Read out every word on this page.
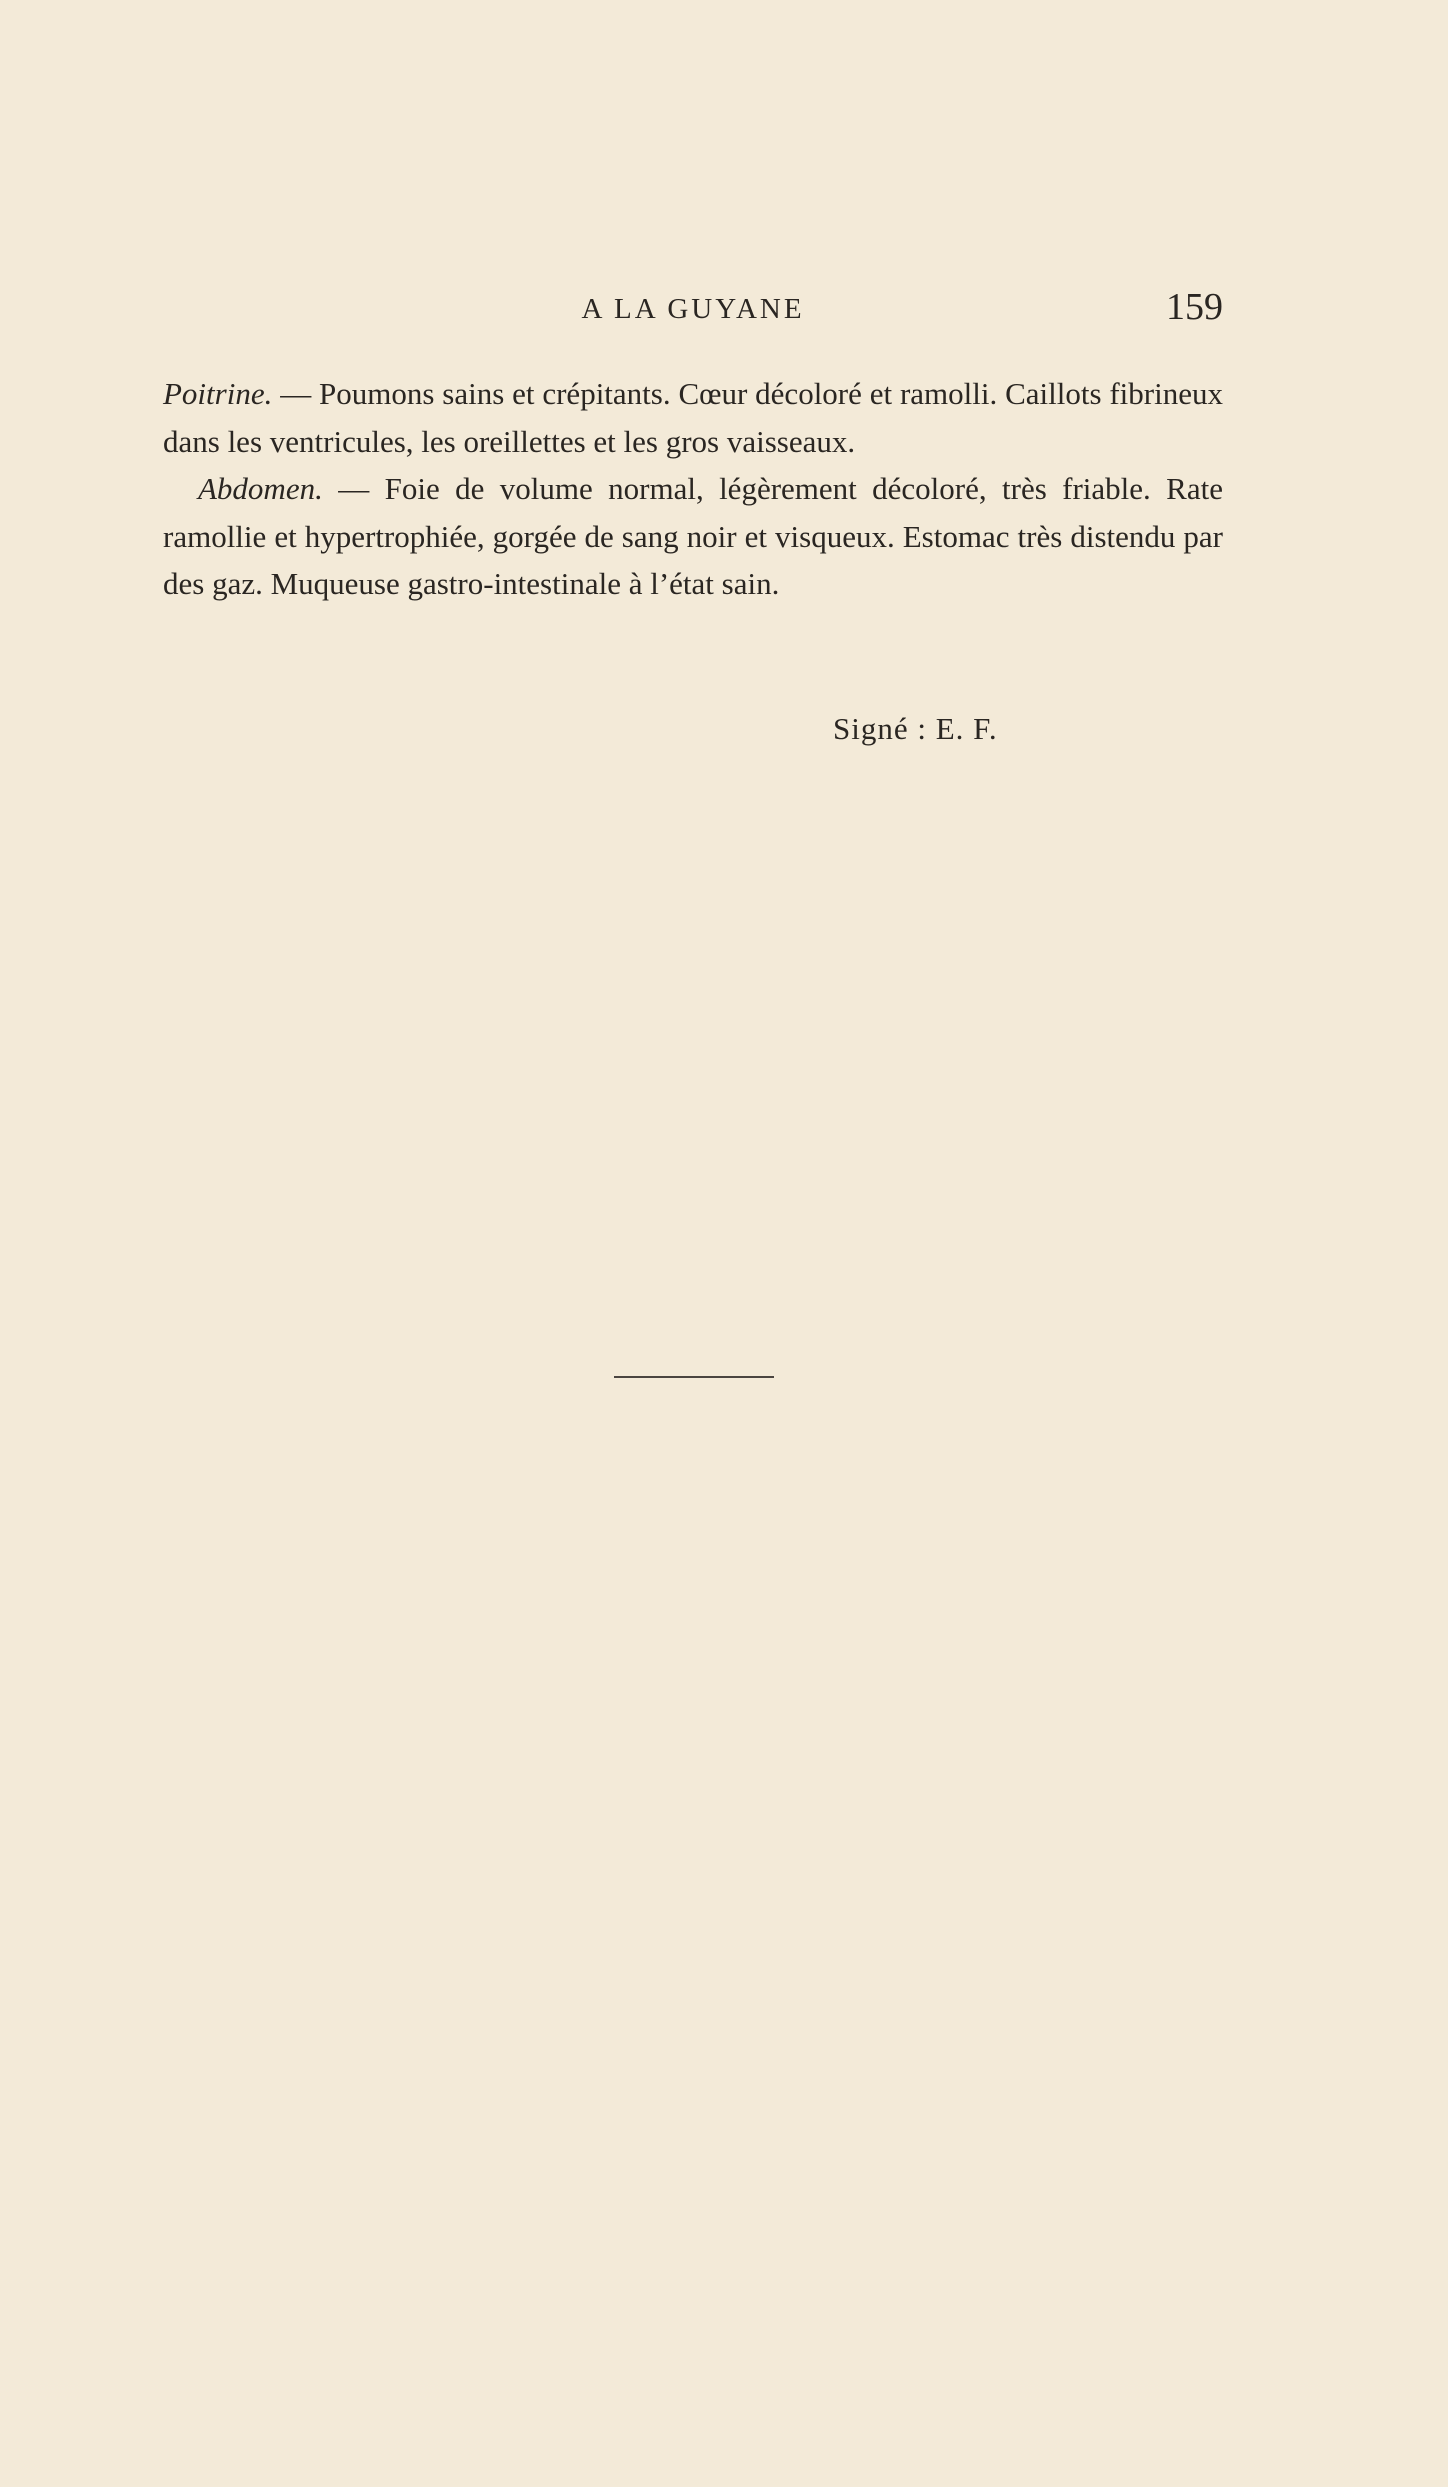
A LA GUYANE	159

Poitrine. — Poumons sains et crépitants. Cœur décoloré et ramolli. Caillots fibrineux dans les ventricules, les oreillettes et les gros vaisseaux.

Abdomen. — Foie de volume normal, légèrement décoloré, très friable. Rate ramollie et hypertrophiée, gorgée de sang noir et visqueux. Estomac très distendu par des gaz. Muqueuse gastro-intestinale à l’état sain.

Signé : E. F.
